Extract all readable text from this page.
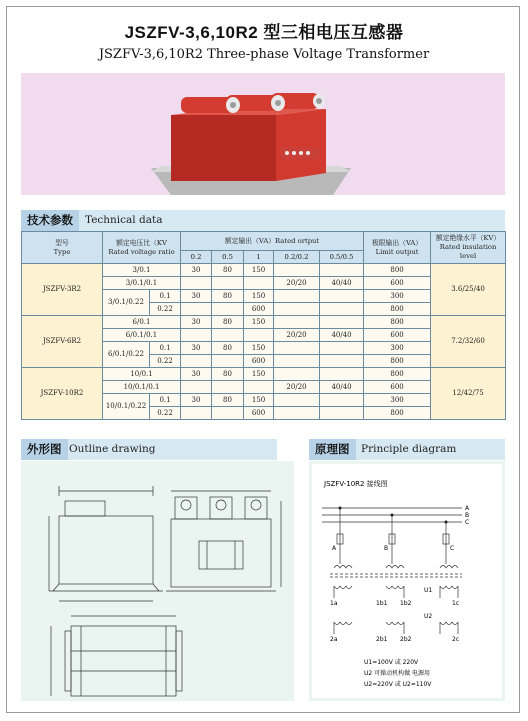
JSZFV-3,6,10R2 型三相电压互感器
JSZFV-3,6,10R2 Three-phase Voltage Transformer
技术参数	Technical data
型号
Type	额定电压比（KV
Rated voltage ratio		额定输出（VA）Rated ortput					极限输出（VA）
Limit output	额定绝缘水平（KV）
Rated insulation level
			0.2	0.5	1	0.2/0.2	0.5/0.5		
JSZFV-3R2	3/0.1		30	80	150			800	3.6/25/40
	3/0.1/0.1					20/20	40/40	600	
	3/0.1/0.22	0.1	30	80	150			300	
		0.22			600			800	
JSZFV-6R2	6/0.1		30	80	150			800	7.2/32/60
	6/0.1/0.1					20/20	40/40	600	
	6/0.1/0.22	0.1	30	80	150			300	
		0.22			600			800	
JSZFV-10R2	10/0.1		30	80	150			800	12/42/75
	10/0.1/0.1					20/20	40/40	600	
	10/0.1/0.22	0.1	30	80	150			300	
		0.22			600			800	
外形图 Outline drawing	原理图	Principle diagram
JSZFV-10R2 接线图
A
B
C
A	B	C
U1
U2
1a	1b1 1b2	1c
2a	2b1 2b2	2c
U1=100V 或 220V
U2 可操动机构做 电源用
U2=220V 或 U2=110V
